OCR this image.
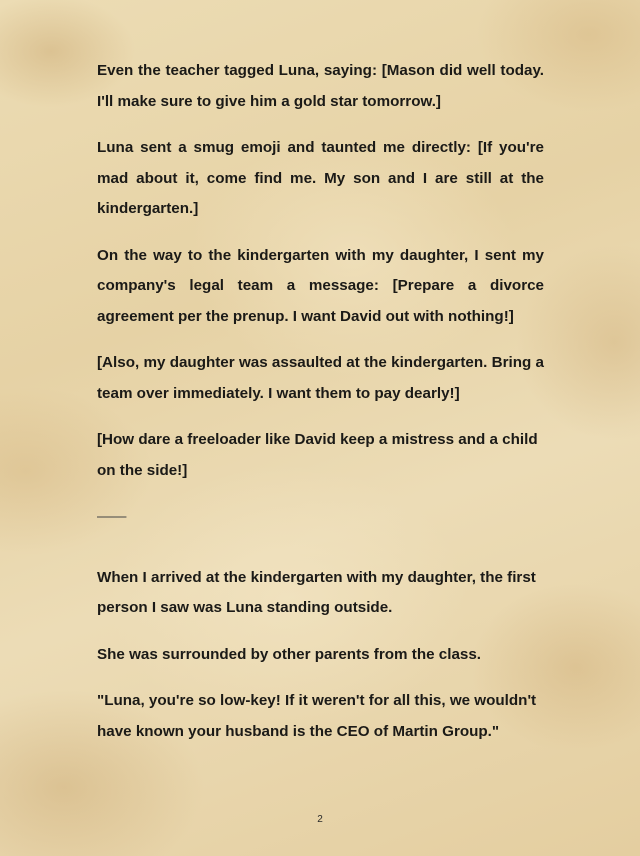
Even the teacher tagged Luna, saying: [Mason did well today. I'll make sure to give him a gold star tomorrow.]

Luna sent a smug emoji and taunted me directly: [If you're mad about it, come find me. My son and I are still at the kindergarten.]

On the way to the kindergarten with my daughter, I sent my company's legal team a message: [Prepare a divorce agreement per the prenup. I want David out with nothing!]

[Also, my daughter was assaulted at the kindergarten. Bring a team over immediately. I want them to pay dearly!]

[How dare a freeloader like David keep a mistress and a child on the side!]

——

When I arrived at the kindergarten with my daughter, the first person I saw was Luna standing outside.

She was surrounded by other parents from the class.

"Luna, you're so low-key! If it weren't for all this, we wouldn't have known your husband is the CEO of Martin Group."

2
